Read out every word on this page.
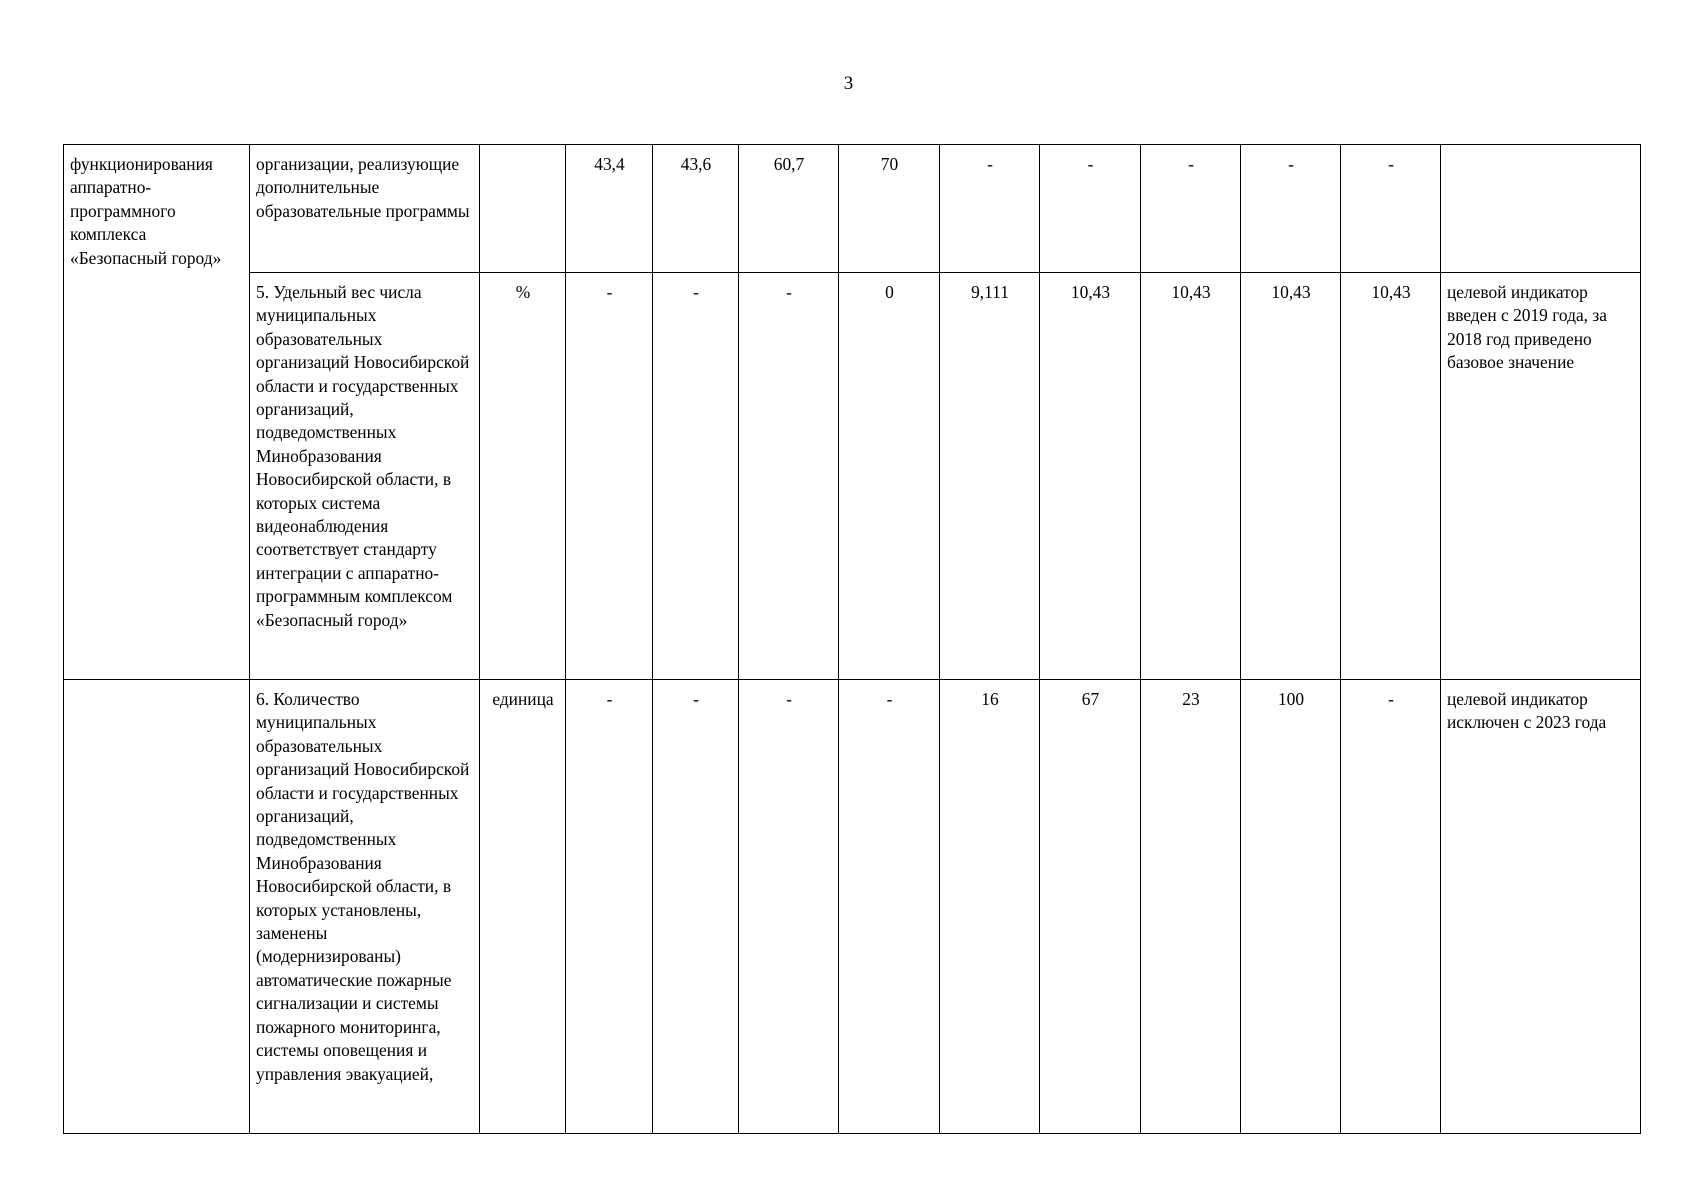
3
функционирования аппаратно-программного комплекса «Безопасный город»	организации, реализующие дополнительные образовательные программы		43,4	43,6	60,7	70	-	-	-	-	-	
	5. Удельный вес числа муниципальных образовательных организаций Новосибирской области и государственных организаций, подведомственных Минобразования Новосибирской области, в которых система видеонаблюдения соответствует стандарту интеграции с аппаратно-программным комплексом «Безопасный город»	%	-	-	-	0	9,111	10,43	10,43	10,43	10,43	целевой индикатор введен с 2019 года, за 2018 год приведено базовое значение
	6. Количество муниципальных образовательных организаций Новосибирской области и государственных организаций, подведомственных Минобразования Новосибирской области, в которых установлены, заменены (модернизированы) автоматические пожарные сигнализации и системы пожарного мониторинга, системы оповещения и управления эвакуацией,	единица	-	-	-	-	16	67	23	100	-	целевой индикатор исключен с 2023 года
